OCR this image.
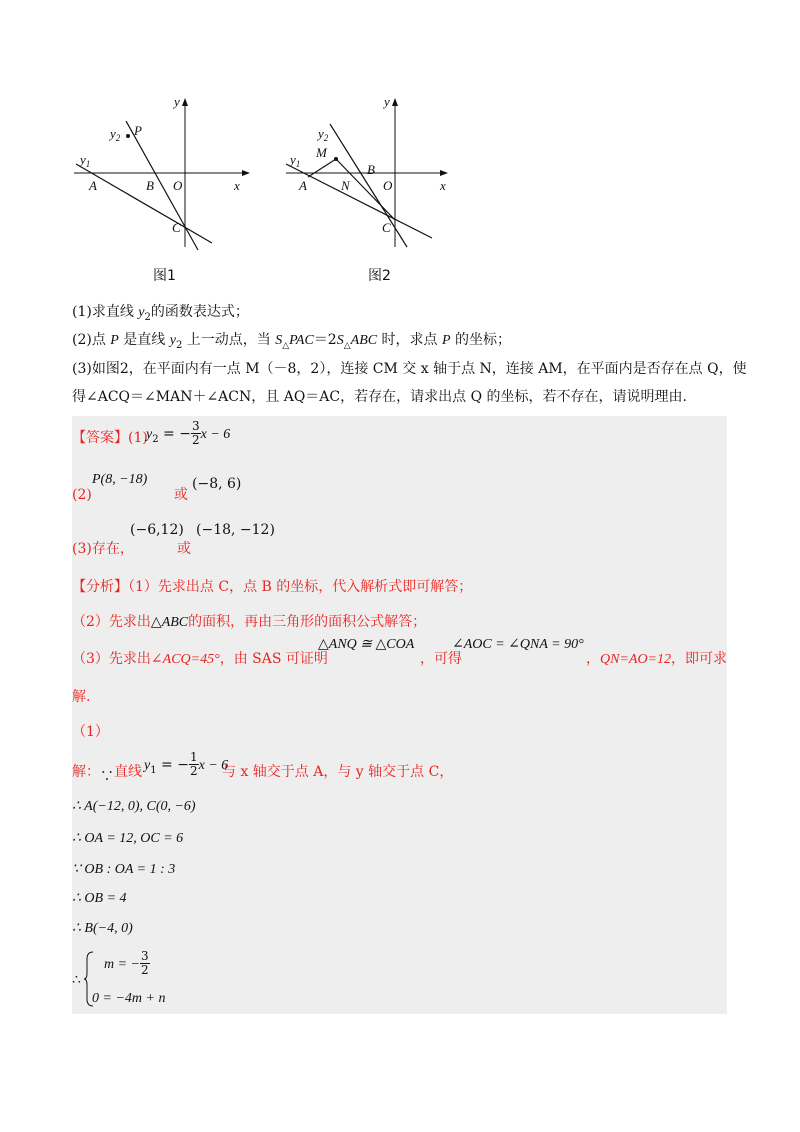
y
x
$y_2$ P
$y_1$
A	B O
C
图1
y
x
$y_2$
M
$y_1$
A	N
B
O
C
图2
(1)求直线 $y_2$的函数表达式；
(2)点 P 是直线 $y_2$ 上一动点，当 $S_\triangle PAC=2S_\triangle ABC$ 时，求点 P 的坐标；
(3)如图2，在平面内有一点 M（－8，2），连接 CM 交 x 轴于点 N，连接 AM，在平面内是否存在点 Q，使
得∠ACQ＝∠MAN＋∠ACN，且 AQ＝AC，若存在，请求出点 Q 的坐标，若不存在，请说明理由.
【答案】(1)
$y_2$ = − $\frac{3}{2}$ x − 6
(2)
P(8, −18)
或
(−8, 6)
(3)存在，
(−6,12)
或
(−18, −12)
【分析】（1）先求出点 C，点 B 的坐标，代入解析式即可解答；
（2）先求出△ABC的面积，再由三角形的面积公式解答；
（3）先求出∠ACQ=45°，由 SAS 可证明
△ANQ ≅ △COA
，可得
∠AOC = ∠QNA = 90°
，QN=AO=12，即可求
解.
（1）
解：∵直线 $y_1$ = − $\frac{1}{2}$ x − 6
与 x 轴交于点 A，与 y 轴交于点 C，
∴ A(−12, 0), C(0, −6)
∴ OA = 12, OC = 6
∵ OB : OA = 1 : 3
∴ OB = 4
∴ B(−4, 0)
∴
m = − $\frac{3}{2}$
0 = −4m + n
